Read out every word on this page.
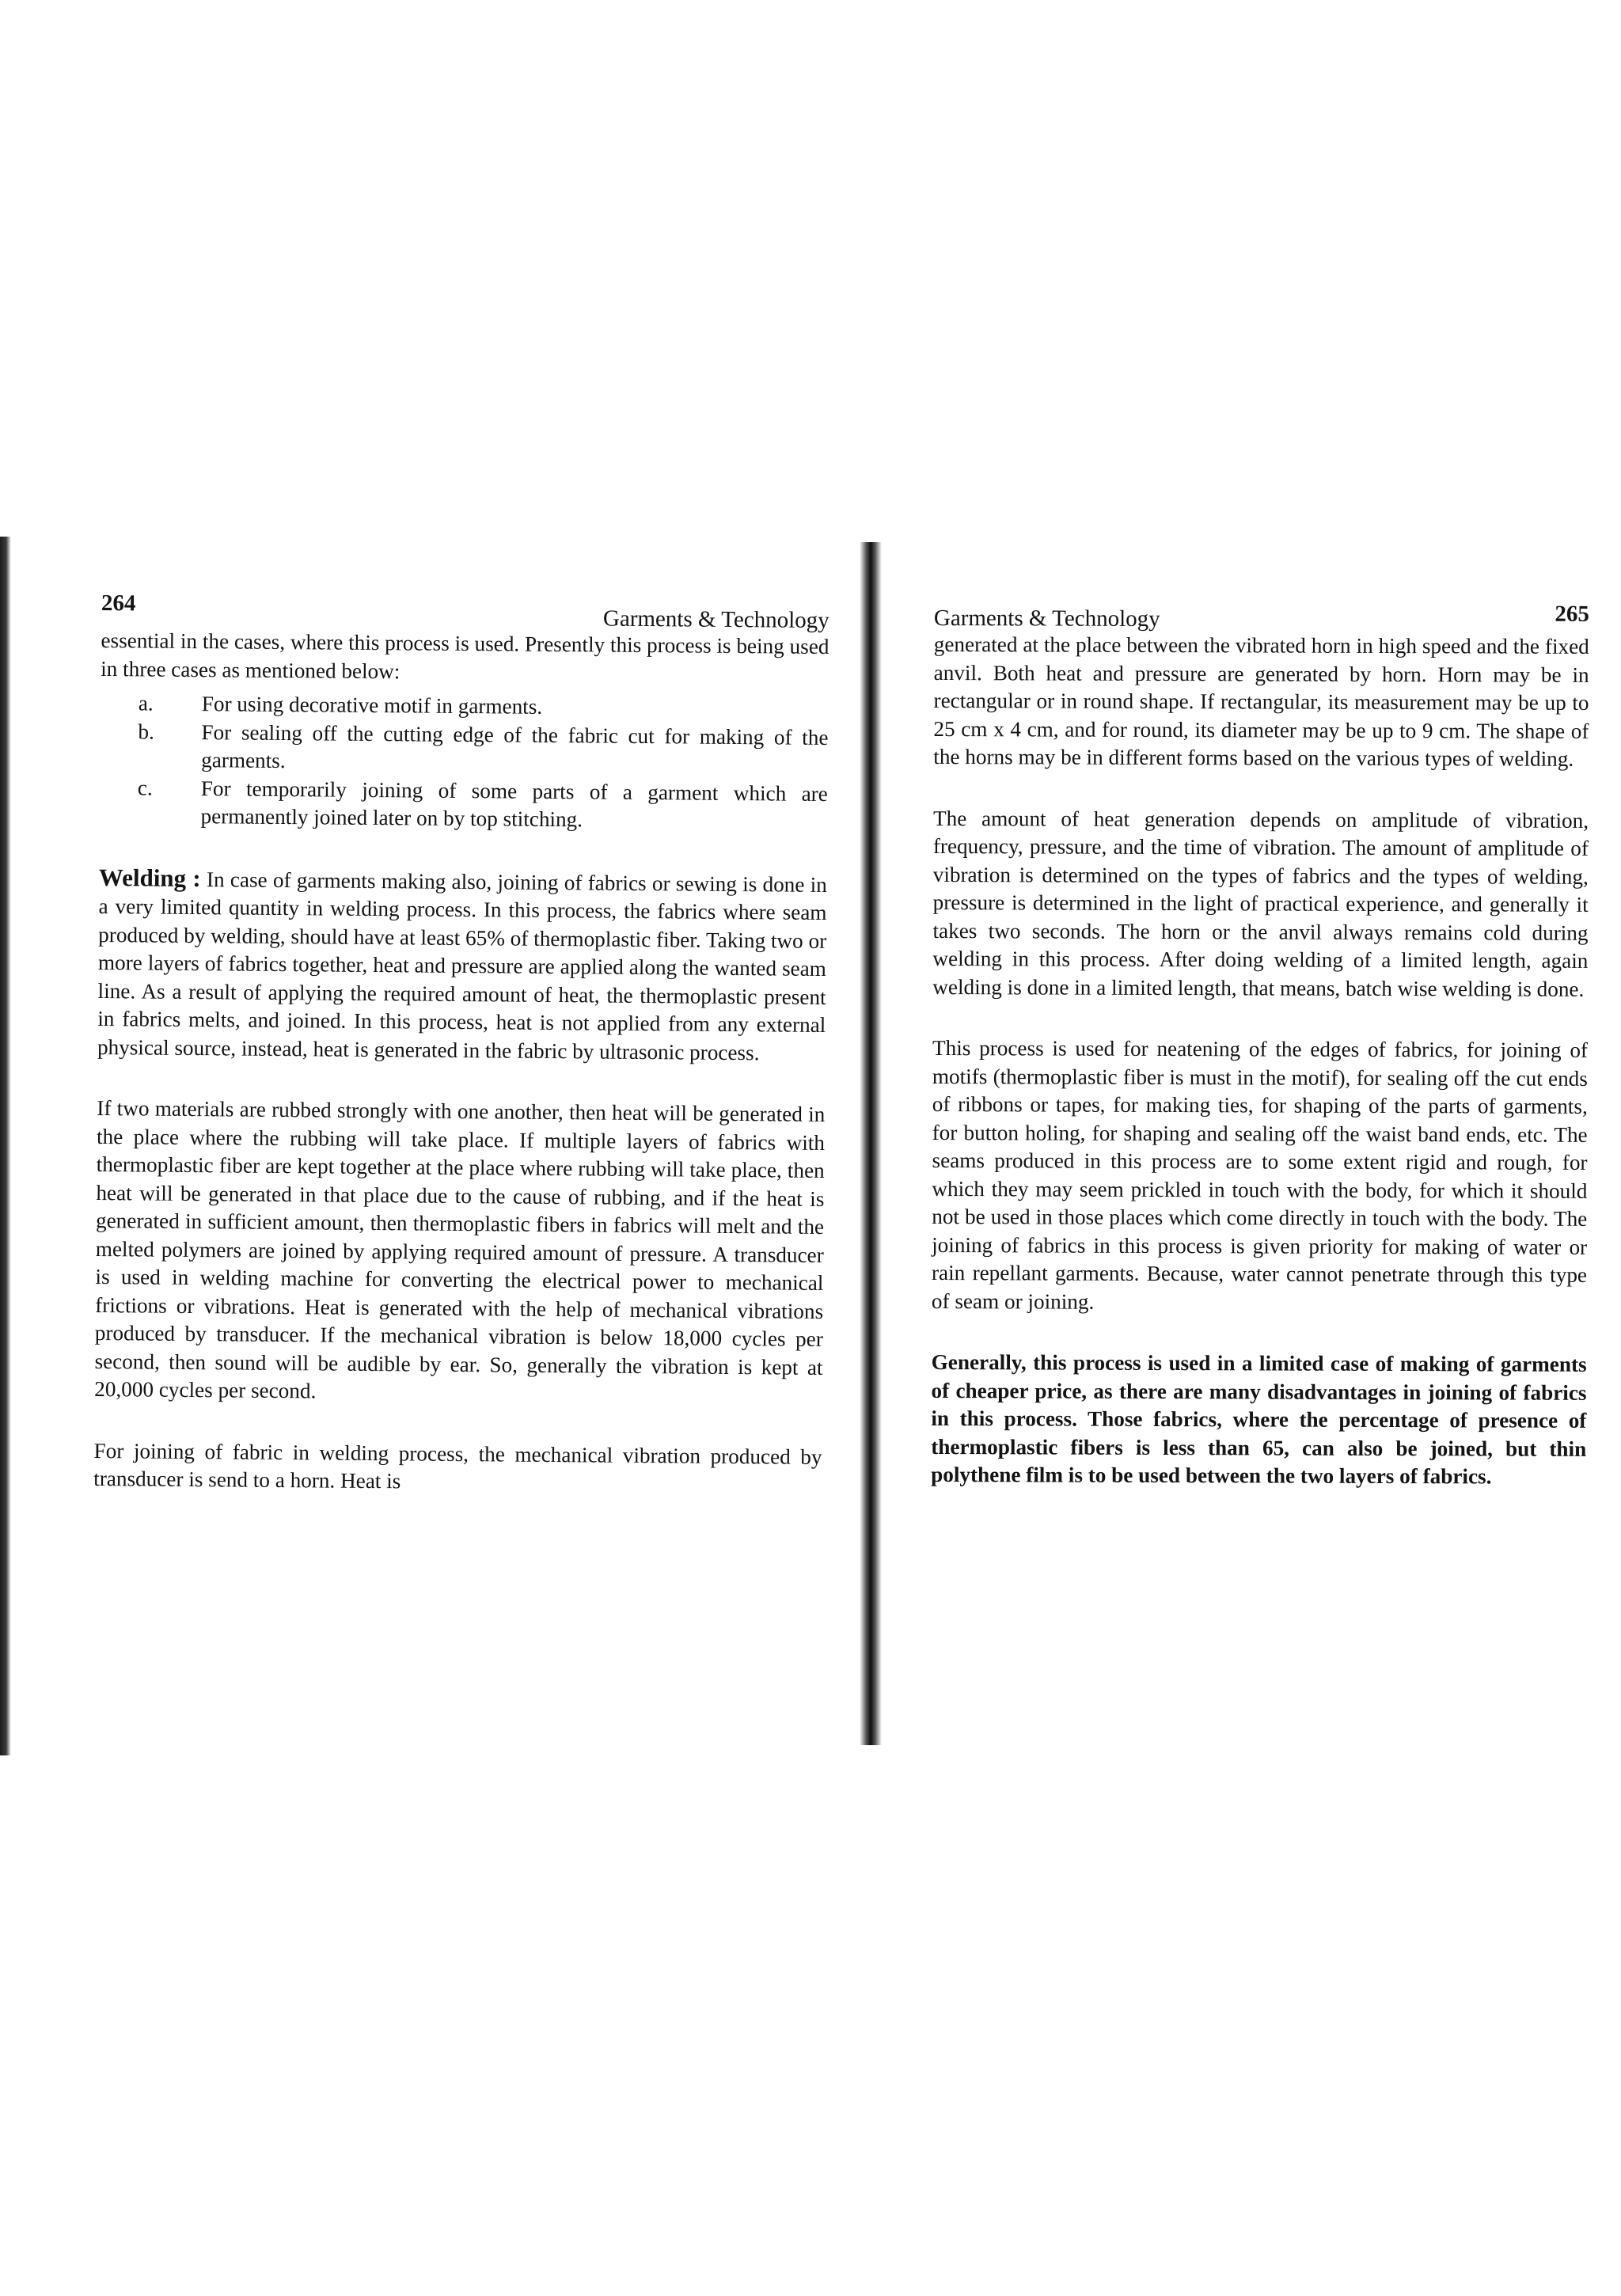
264
Garments & Technology

essential in the cases, where this process is used. Presently this process is being used in three cases as mentioned below:

a.	For using decorative motif in garments.
b.	For sealing off the cutting edge of the fabric cut for making of the garments.
c.	For temporarily joining of some parts of a garment which are permanently joined later on by top stitching.

Welding : In case of garments making also, joining of fabrics or sewing is done in a very limited quantity in welding process. In this process, the fabrics where seam produced by welding, should have at least 65% of thermoplastic fiber. Taking two or more layers of fabrics together, heat and pressure are applied along the wanted seam line. As a result of applying the required amount of heat, the thermoplastic present in fabrics melts, and joined. In this process, heat is not applied from any external physical source, instead, heat is generated in the fabric by ultrasonic process.

If two materials are rubbed strongly with one another, then heat will be generated in the place where the rubbing will take place. If multiple layers of fabrics with thermoplastic fiber are kept together at the place where rubbing will take place, then heat will be generated in that place due to the cause of rubbing, and if the heat is generated in sufficient amount, then thermoplastic fibers in fabrics will melt and the melted polymers are joined by applying required amount of pressure. A transducer is used in welding machine for converting the electrical power to mechanical frictions or vibrations. Heat is generated with the help of mechanical vibrations produced by transducer. If the mechanical vibration is below 18,000 cycles per second, then sound will be audible by ear. So, generally the vibration is kept at 20,000 cycles per second.

For joining of fabric in welding process, the mechanical vibration produced by transducer is send to a horn. Heat is

Garments & Technology	265

generated at the place between the vibrated horn in high speed and the fixed anvil. Both heat and pressure are generated by horn. Horn may be in rectangular or in round shape. If rectangular, its measurement may be up to 25 cm x 4 cm, and for round, its diameter may be up to 9 cm. The shape of the horns may be in different forms based on the various types of welding.

The amount of heat generation depends on amplitude of vibration, frequency, pressure, and the time of vibration. The amount of amplitude of vibration is determined on the types of fabrics and the types of welding, pressure is determined in the light of practical experience, and generally it takes two seconds. The horn or the anvil always remains cold during welding in this process. After doing welding of a limited length, again welding is done in a limited length, that means, batch wise welding is done.

This process is used for neatening of the edges of fabrics, for joining of motifs (thermoplastic fiber is must in the motif), for sealing off the cut ends of ribbons or tapes, for making ties, for shaping of the parts of garments, for button holing, for shaping and sealing off the waist band ends, etc. The seams produced in this process are to some extent rigid and rough, for which they may seem prickled in touch with the body, for which it should not be used in those places which come directly in touch with the body. The joining of fabrics in this process is given priority for making of water or rain repellant garments. Because, water cannot penetrate through this type of seam or joining.

Generally, this process is used in a limited case of making of garments of cheaper price, as there are many disadvantages in joining of fabrics in this process. Those fabrics, where the percentage of presence of thermoplastic fibers is less than 65, can also be joined, but thin polythene film is to be used between the two layers of fabrics.
